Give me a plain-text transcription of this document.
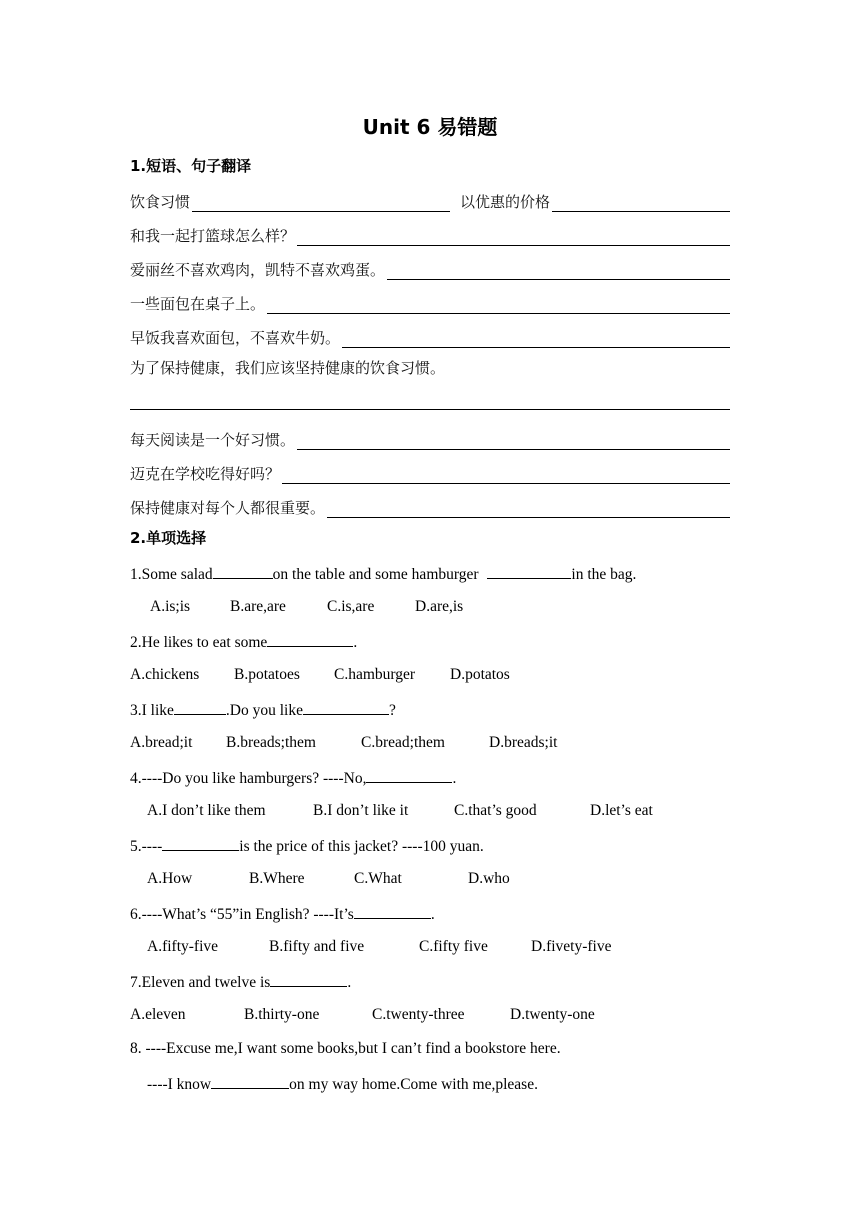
Unit 6 易错题
1.短语、句子翻译
饮食习惯	以优惠的价格
和我一起打篮球怎么样？
爱丽丝不喜欢鸡肉，凯特不喜欢鸡蛋。
一些面包在桌子上。
早饭我喜欢面包，不喜欢牛奶。
为了保持健康，我们应该坚持健康的饮食习惯。
每天阅读是一个好习惯。
迈克在学校吃得好吗？
保持健康对每个人都很重要。
2.单项选择
1.Some salad	on the table and some hamburger	in the bag.
A.is;is	B.are,are	C.is,are	D.are,is
2.He likes to eat some	.
A.chickens B.potatoes C.hamburger D.potatos
3.I like	.Do you like	?
A.bread;it B.breads;them	C.bread;them	D.breads;it
4.----Do you like hamburgers? ----No,	.
A.I don’t like them	B.I don’t like it	C.that’s good	D.let’s eat
5.----	is the price of this jacket? ----100 yuan.
A.How	B.Where	C.What	D.who
6.----What’s “55”in English? ----It’s	.
A.fifty-five	B.fifty and five	C.fifty five	D.fivety-five
7.Eleven and twelve is	.
A.eleven	B.thirty-one	C.twenty-three	D.twenty-one
8. ----Excuse me,I want some books,but I can’t find a bookstore here.
----I know	on my way home.Come with me,please.
